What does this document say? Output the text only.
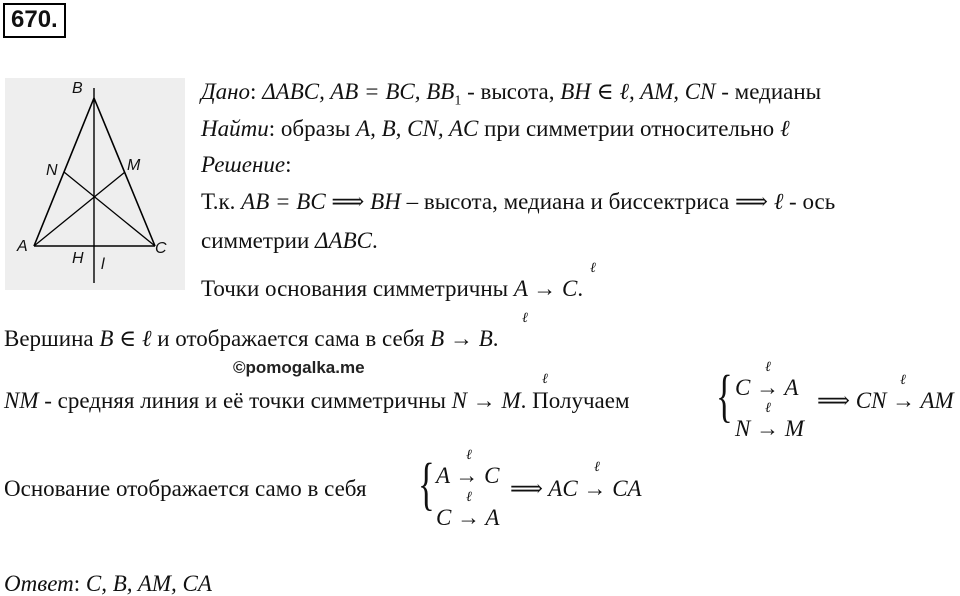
670.
B
N	M
A	C
H l
Дано: ΔABC, AB = BC, $BB_1$ - высота, BH ∈ ℓ, AM, CN - медианы
Найти: образы A, B, CN, AC при симметрии относительно ℓ
Решение:
Т.к. AB = BC ⟹ BH – высота, медиана и биссектриса ⟹ ℓ - ось
симметрии ΔABC.
Точки основания симметричны A → C.
ℓ
Вершина B ∈ ℓ и отображается сама в себя B → B.
ℓ
©pomogalka.me
NM - средняя линия и её точки симметричны N → M. Получаем
ℓ	{ C → A
ℓ
N → M
ℓ ⟹ CN → AM
ℓ
Основание отображается само в себя { A → C
ℓ
C → A
ℓ ⟹ AC → CA
ℓ
Ответ: C, B, AM, CA
